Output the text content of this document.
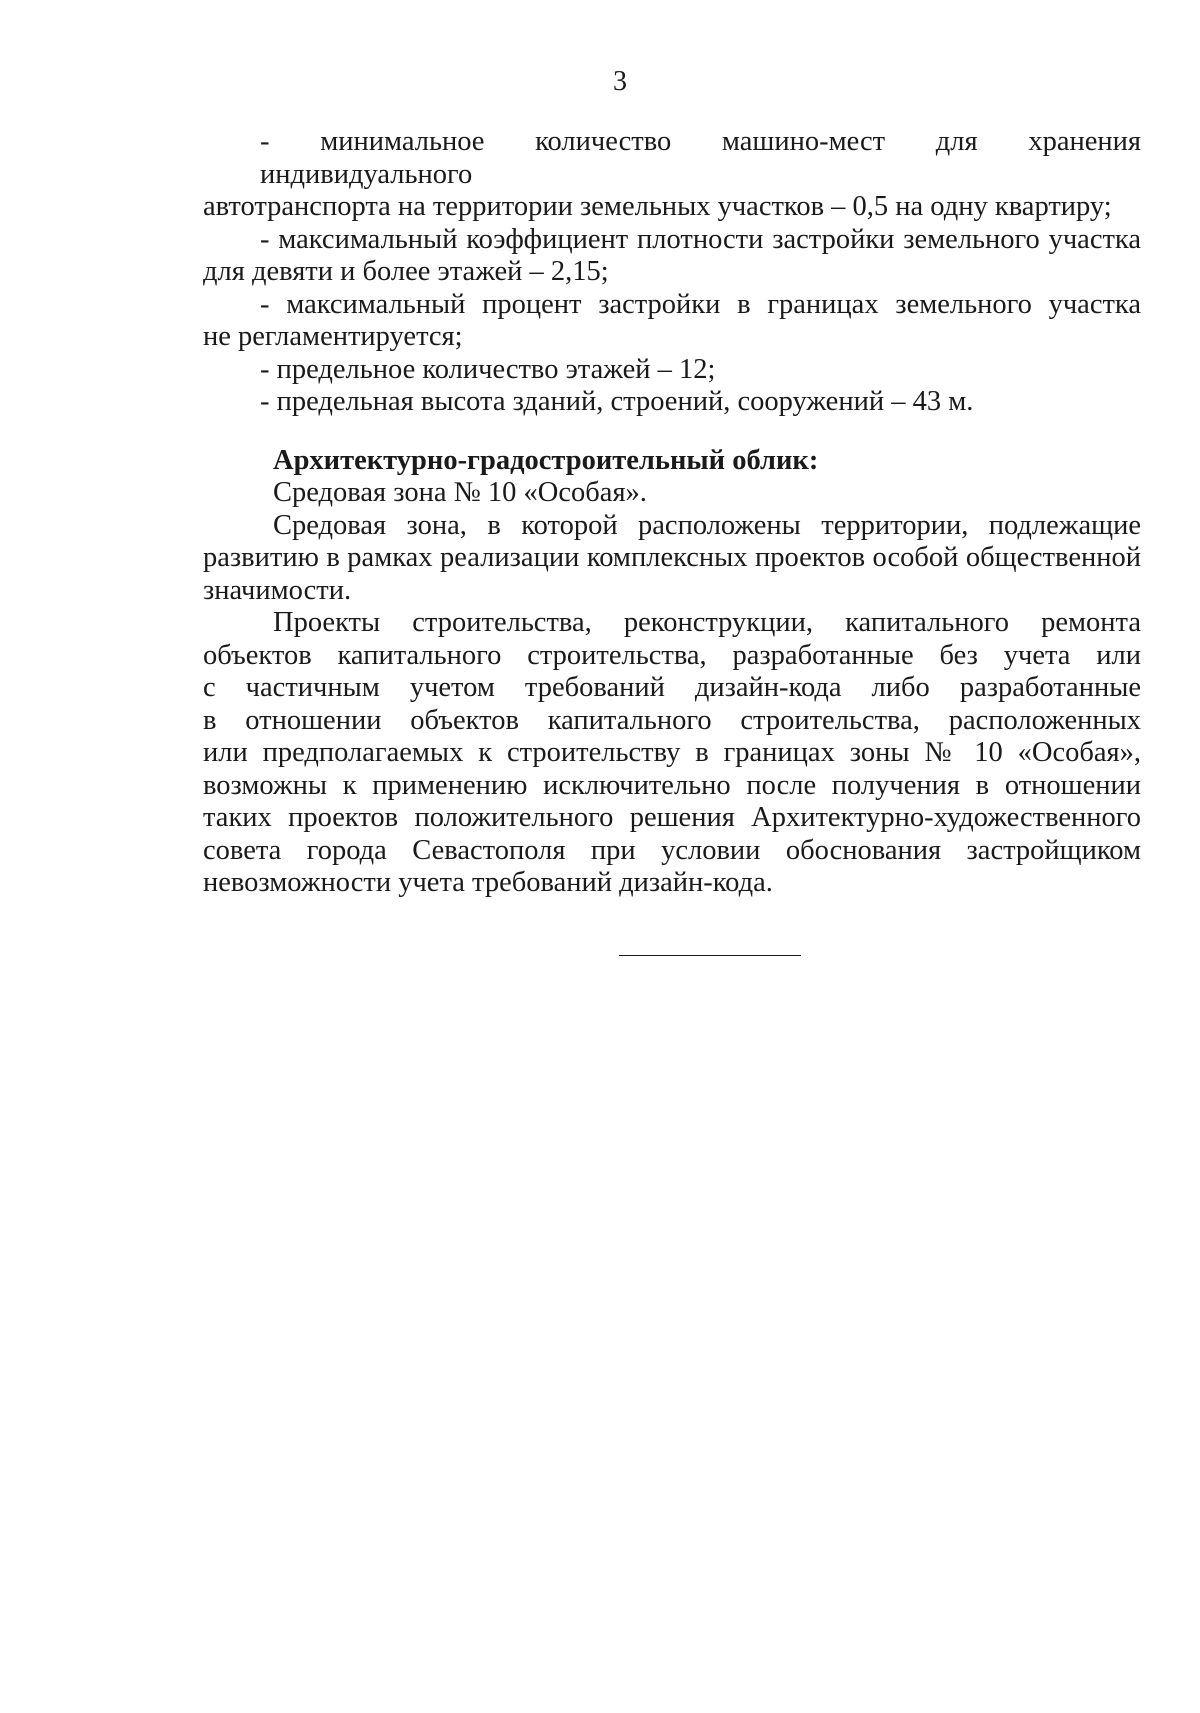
3
- минимальное количество машино-мест для хранения индивидуального
автотранспорта на территории земельных участков – 0,5 на одну квартиру;
- максимальный коэффициент плотности застройки земельного участка
для девяти и более этажей – 2,15;
- максимальный процент застройки в границах земельного участка
не регламентируется;
- предельное количество этажей – 12;
- предельная высота зданий, строений, сооружений – 43 м.
Архитектурно-градостроительный облик:
Средовая зона № 10 «Особая».
Средовая зона, в которой расположены территории, подлежащие
развитию в рамках реализации комплексных проектов особой общественной
значимости.
Проекты строительства, реконструкции, капитального ремонта
объектов капитального строительства, разработанные без учета или
с частичным учетом требований дизайн-кода либо разработанные
в отношении объектов капитального строительства, расположенных
или предполагаемых к строительству в границах зоны № 10 «Особая»,
возможны к применению исключительно после получения в отношении
таких проектов положительного решения Архитектурно-художественного
совета города Севастополя при условии обоснования застройщиком
невозможности учета требований дизайн-кода.
